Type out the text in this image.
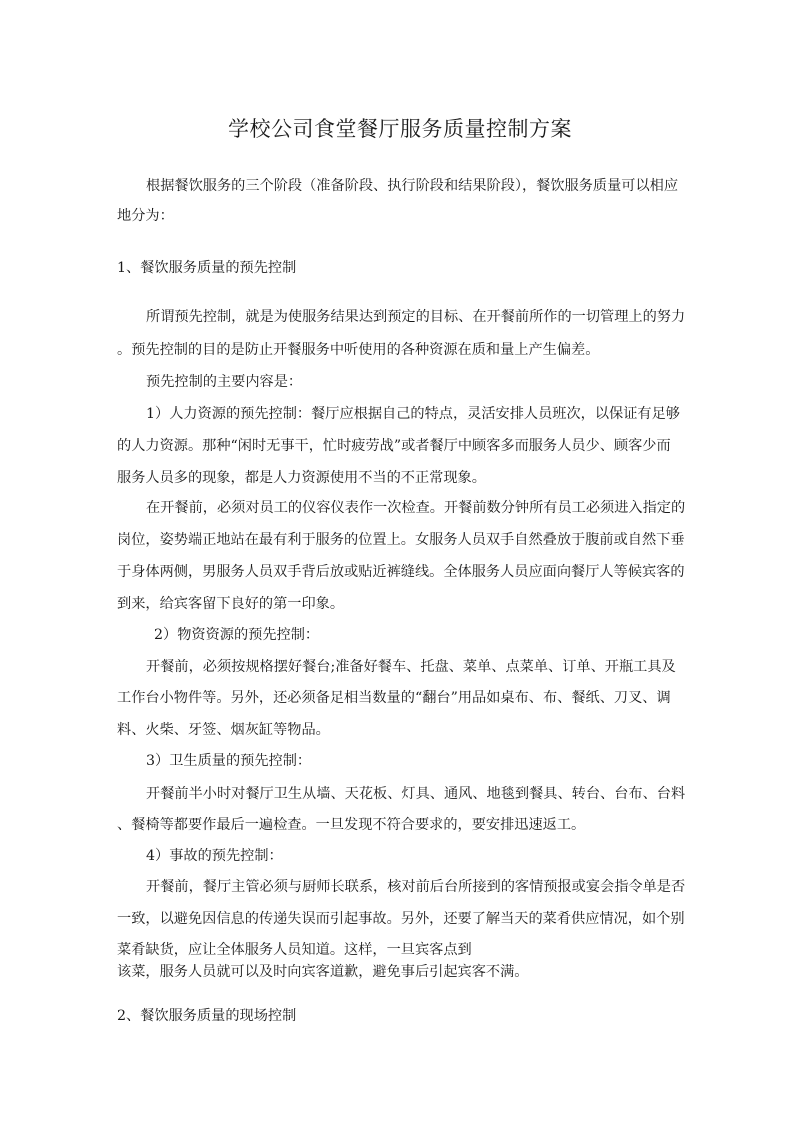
学校公司食堂餐厅服务质量控制方案
根据餐饮服务的三个阶段（准备阶段、执行阶段和结果阶段），餐饮服务质量可以相应
地分为：
1、餐饮服务质量的预先控制
所谓预先控制，就是为使服务结果达到预定的目标、在开餐前所作的一切管理上的努力
。预先控制的目的是防止开餐服务中听使用的各种资源在质和量上产生偏差。
预先控制的主要内容是：
1）人力资源的预先控制：餐厅应根据自己的特点，灵活安排人员班次，以保证有足够
的人力资源。那种“闲时无事干，忙时疲劳战”或者餐厅中顾客多而服务人员少、顾客少而
服务人员多的现象，都是人力资源使用不当的不正常现象。
在开餐前，必须对员工的仪容仪表作一次检查。开餐前数分钟所有员工必须进入指定的
岗位，姿势端正地站在最有利于服务的位置上。女服务人员双手自然叠放于腹前或自然下垂
于身体两侧，男服务人员双手背后放或贴近裤缝线。全体服务人员应面向餐厅人等候宾客的
到来，给宾客留下良好的第一印象。
2）物资资源的预先控制：
开餐前，必须按规格摆好餐台;准备好餐车、托盘、菜单、点菜单、订单、开瓶工具及
工作台小物件等。另外，还必须备足相当数量的“翻台”用品如桌布、布、餐纸、刀叉、调
料、火柴、牙签、烟灰缸等物品。
3）卫生质量的预先控制：
开餐前半小时对餐厅卫生从墙、天花板、灯具、通风、地毯到餐具、转台、台布、台料
、餐椅等都要作最后一遍检查。一旦发现不符合要求的，要安排迅速返工。
4）事故的预先控制：
开餐前，餐厅主管必须与厨师长联系，核对前后台所接到的客情预报或宴会指令单是否
一致，以避免因信息的传递失误而引起事故。另外，还要了解当天的菜肴供应情况，如个别
菜肴缺货，应让全体服务人员知道。这样，一旦宾客点到
该菜，服务人员就可以及时向宾客道歉，避免事后引起宾客不满。
2、餐饮服务质量的现场控制
